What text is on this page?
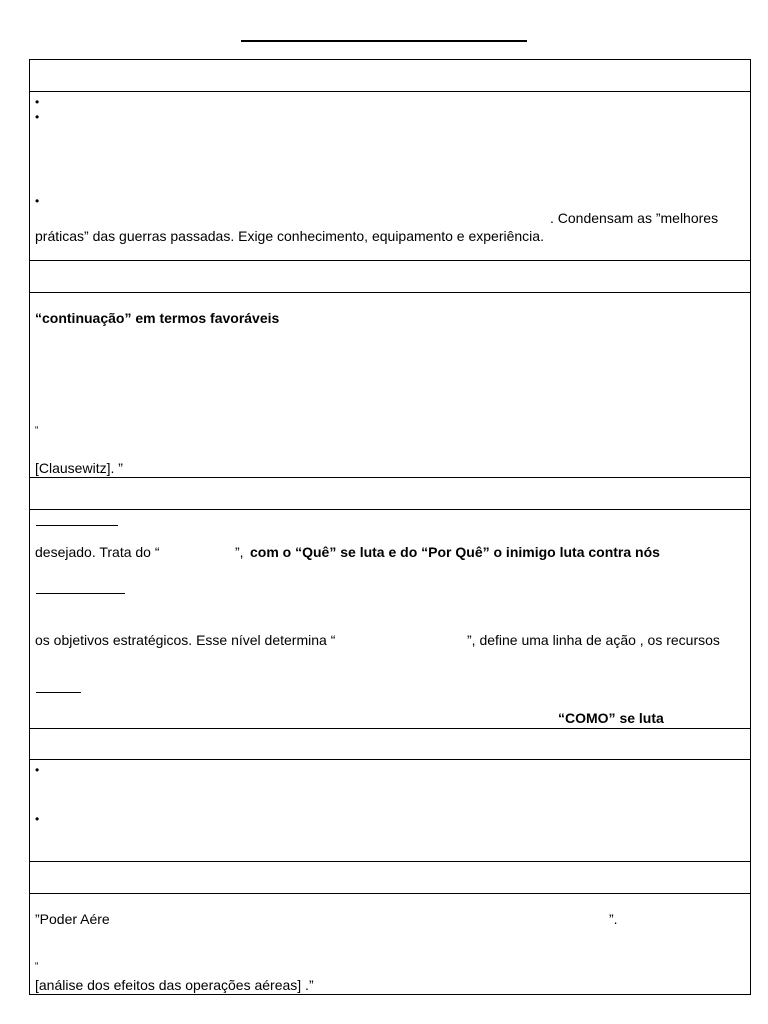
•
•
•
. Condensam as ”melhores
práticas” das guerras passadas. Exige conhecimento, equipamento e experiência.
“continuação” em termos favoráveis
“
[Clausewitz]. ”
desejado. Trata do “	”, com o “Quê” se luta e do “Por Quê” o inimigo luta contra nós
os objetivos estratégicos. Esse nível determina “	”, define uma linha de ação , os recursos
“COMO” se luta
•
•
”Poder Aére	”.
“
[análise dos efeitos das operações aéreas] .”
